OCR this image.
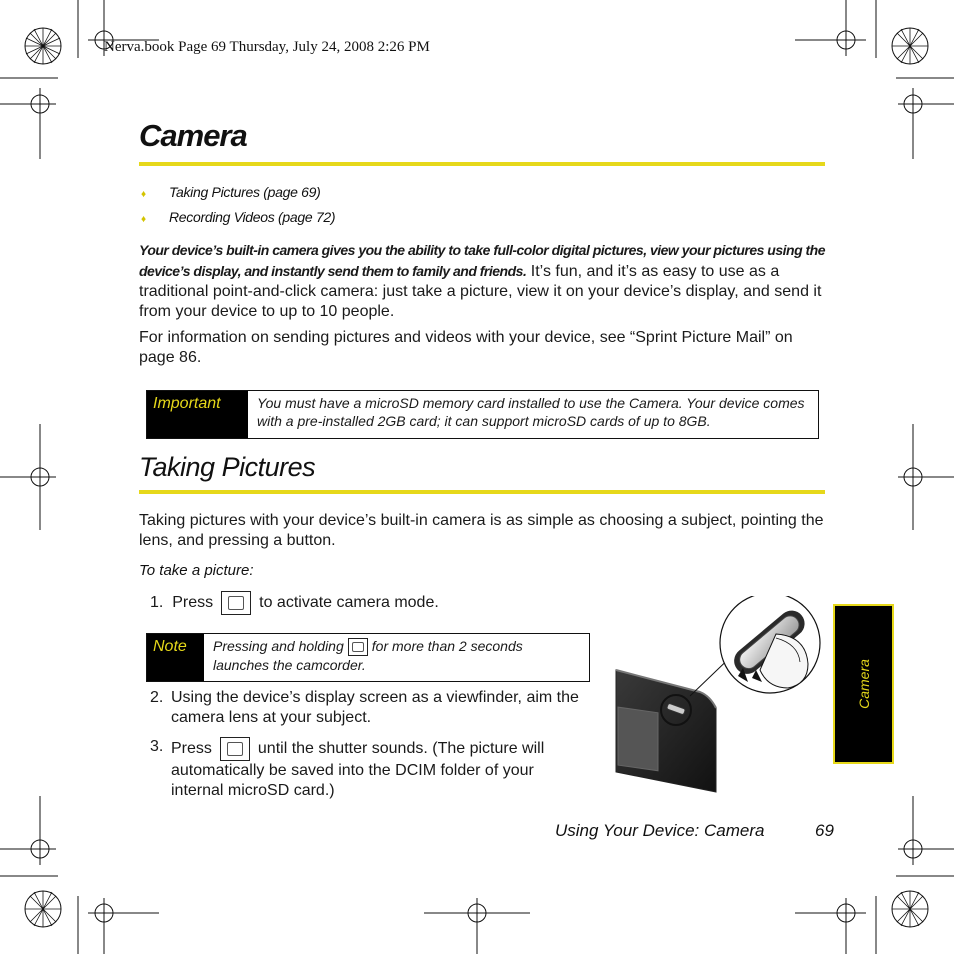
Nerva.book Page 69 Thursday, July 24, 2008 2:26 PM
Camera
♦ Taking Pictures (page 69)
♦ Recording Videos (page 72)
Your device’s built-in camera gives you the ability to take full-color digital pictures, view your pictures using the device’s display, and instantly send them to family and friends. It’s fun, and it’s as easy to use as a traditional point-and-click camera: just take a picture, view it on your device’s display, and send it from your device to up to 10 people.
For information on sending pictures and videos with your device, see “Sprint Picture Mail” on page 86.
Important	You must have a microSD memory card installed to use the Camera. Your device comes with a pre-installed 2GB card; it can support microSD cards of up to 8GB.
Taking Pictures
Taking pictures with your device’s built-in camera is as simple as choosing a subject, pointing the lens, and pressing a button.
To take a picture:
1. Press	to activate camera mode.
Note	Pressing and holding for more than 2 seconds launches the camcorder.
2. Using the device’s display screen as a viewfinder, aim the camera lens at your subject.
3. Press	until the shutter sounds. (The picture will automatically be saved into the DCIM folder of your internal microSD card.)
Camera
Using Your Device: Camera	69
